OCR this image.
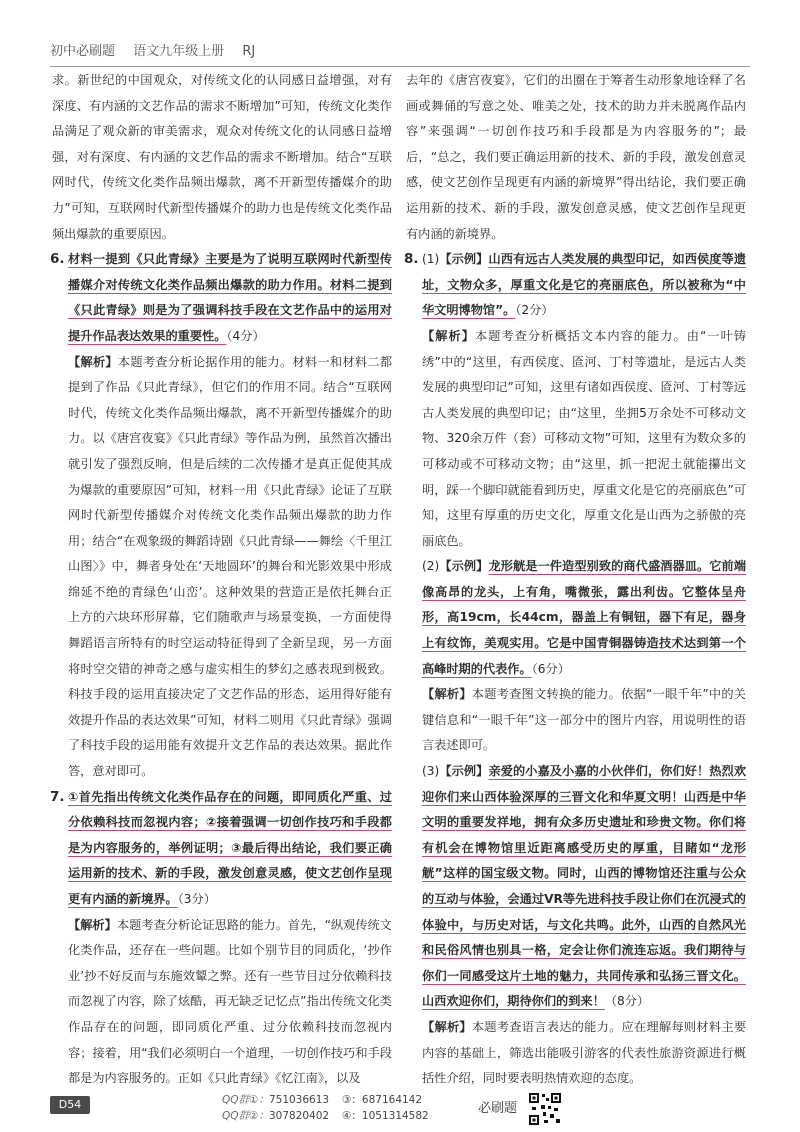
初中必刷题 语文九年级上册 RJ

求。新世纪的中国观众，对传统文化的认同感日益增强，对有深度、有内涵的文艺作品的需求不断增加”可知，传统文化类作品满足了观众新的审美需求，观众对传统文化的认同感日益增强，对有深度、有内涵的文艺作品的需求不断增加。结合“互联网时代，传统文化类作品频出爆款，离不开新型传播媒介的助力”可知，互联网时代新型传播媒介的助力也是传统文化类作品频出爆款的重要原因。

6. 材料一提到《只此青绿》主要是为了说明互联网时代新型传播媒介对传统文化类作品频出爆款的助力作用。材料二提到《只此青绿》则是为了强调科技手段在文艺作品中的运用对提升作品表达效果的重要性。（4分）

【解析】本题考查分析论据作用的能力。材料一和材料二都提到了作品《只此青绿》，但它们的作用不同。结合“互联网时代，传统文化类作品频出爆款，离不开新型传播媒介的助力。以《唐宫夜宴》《只此青绿》等作品为例，虽然首次播出就引发了强烈反响，但是后续的二次传播才是真正促使其成为爆款的重要原因”可知，材料一用《只此青绿》论证了互联网时代新型传播媒介对传统文化类作品频出爆款的助力作用；结合“在观象级的舞蹈诗剧《只此青绿——舞绘〈千里江山图〉》中，舞者身处在‘天地圆环’的舞台和光影效果中形成绵延不绝的青绿色‘山峦’。这种效果的营造正是依托舞台正上方的六块环形屏幕，它们随歌声与场景变换，一方面使得舞蹈语言所特有的时空运动特征得到了全新呈现，另一方面将时空交错的神奇之感与虚实相生的梦幻之感表现到极致。科技手段的运用直接决定了文艺作品的形态，运用得好能有效提升作品的表达效果”可知，材料二则用《只此青绿》强调了科技手段的运用能有效提升文艺作品的表达效果。据此作答，意对即可。

7. ①首先指出传统文化类作品存在的问题，即同质化严重、过分依赖科技而忽视内容；②接着强调一切创作技巧和手段都是为内容服务的，举例证明；③最后得出结论，我们要正确运用新的技术、新的手段，激发创意灵感，使文艺创作呈现更有内涵的新境界。（3分）

【解析】本题考查分析论证思路的能力。首先，“纵观传统文化类作品，还存在一些问题。比如个别节目的同质化，‘抄作业’抄不好反而与东施效颦之弊。还有一些节目过分依赖科技而忽视了内容，除了炫酷，再无缺乏记忆点”指出传统文化类作品存在的问题，即同质化严重、过分依赖科技而忽视内容；接着，用“我们必须明白一个道理，一切创作技巧和手段都是为内容服务的。正如《只此青绿》《忆江南》，以及

去年的《唐宫夜宴》，它们的出圈在于筹者生动形象地诠释了名画或舞俑的写意之处、唯美之处，技术的助力并未脱离作品内容”来强调“一切创作技巧和手段都是为内容服务的”；最后，“总之，我们要正确运用新的技术、新的手段，激发创意灵感，使文艺创作呈现更有内涵的新境界”得出结论，我们要正确运用新的技术、新的手段，激发创意灵感，使文艺创作呈现更有内涵的新境界。

8. (1)【示例】山西有远古人类发展的典型印记，如西侯度等遗址，文物众多，厚重文化是它的亮丽底色，所以被称为“中华文明博物馆”。（2分）

【解析】本题考查分析概括文本内容的能力。由“一叶铸绣”中的“这里，有西侯度、匼河、丁村等遗址，是远古人类发展的典型印记”可知，这里有诸如西侯度、匼河、丁村等远古人类发展的典型印记；由“这里，坐拥5万余处不可移动文物、320余万件（套）可移动文物”可知，这里有为数众多的可移动或不可移动文物；由“这里，抓一把泥土就能攥出文明，踩一个脚印就能看到历史，厚重文化是它的亮丽底色”可知，这里有厚重的历史文化，厚重文化是山西为之骄傲的亮丽底色。

(2)【示例】龙形觥是一件造型别致的商代盛酒器皿。它前端像高昂的龙头，上有角，嘴微张，露出利齿。它整体呈舟形，高19cm，长44cm，器盖上有铜钮，器下有足，器身上有纹饰，美观实用。它是中国青铜器铸造技术达到第一个高峰时期的代表作。（6分）

【解析】本题考查图文转换的能力。依据“一眼千年”中的关键信息和“一眼千年”这一部分中的图片内容，用说明性的语言表述即可。

(3)【示例】亲爱的小嘉及小嘉的小伙伴们，你们好！热烈欢迎你们来山西体验深厚的三晋文化和华夏文明！山西是中华文明的重要发祥地，拥有众多历史遗址和珍贵文物。你们将有机会在博物馆里近距离感受历史的厚重，目睹如“龙形觥”这样的国宝级文物。同时，山西的博物馆还注重与公众的互动与体验，会通过VR等先进科技手段让你们在沉浸式的体验中，与历史对话，与文化共鸣。此外，山西的自然风光和民俗风情也别具一格，定会让你们流连忘返。我们期待与你们一同感受这片土地的魅力，共同传承和弘扬三晋文化。山西欢迎你们，期待你们的到来！（8分）

【解析】本题考查语言表达的能力。应在理解每则材料主要内容的基础上，筛选出能吸引游客的代表性旅游资源进行概括性介绍，同时要表明热情欢迎的态度。

D54	QQ群①：751036613
QQ群②：307820402
③：687164142
④：1051314582	必刷题
